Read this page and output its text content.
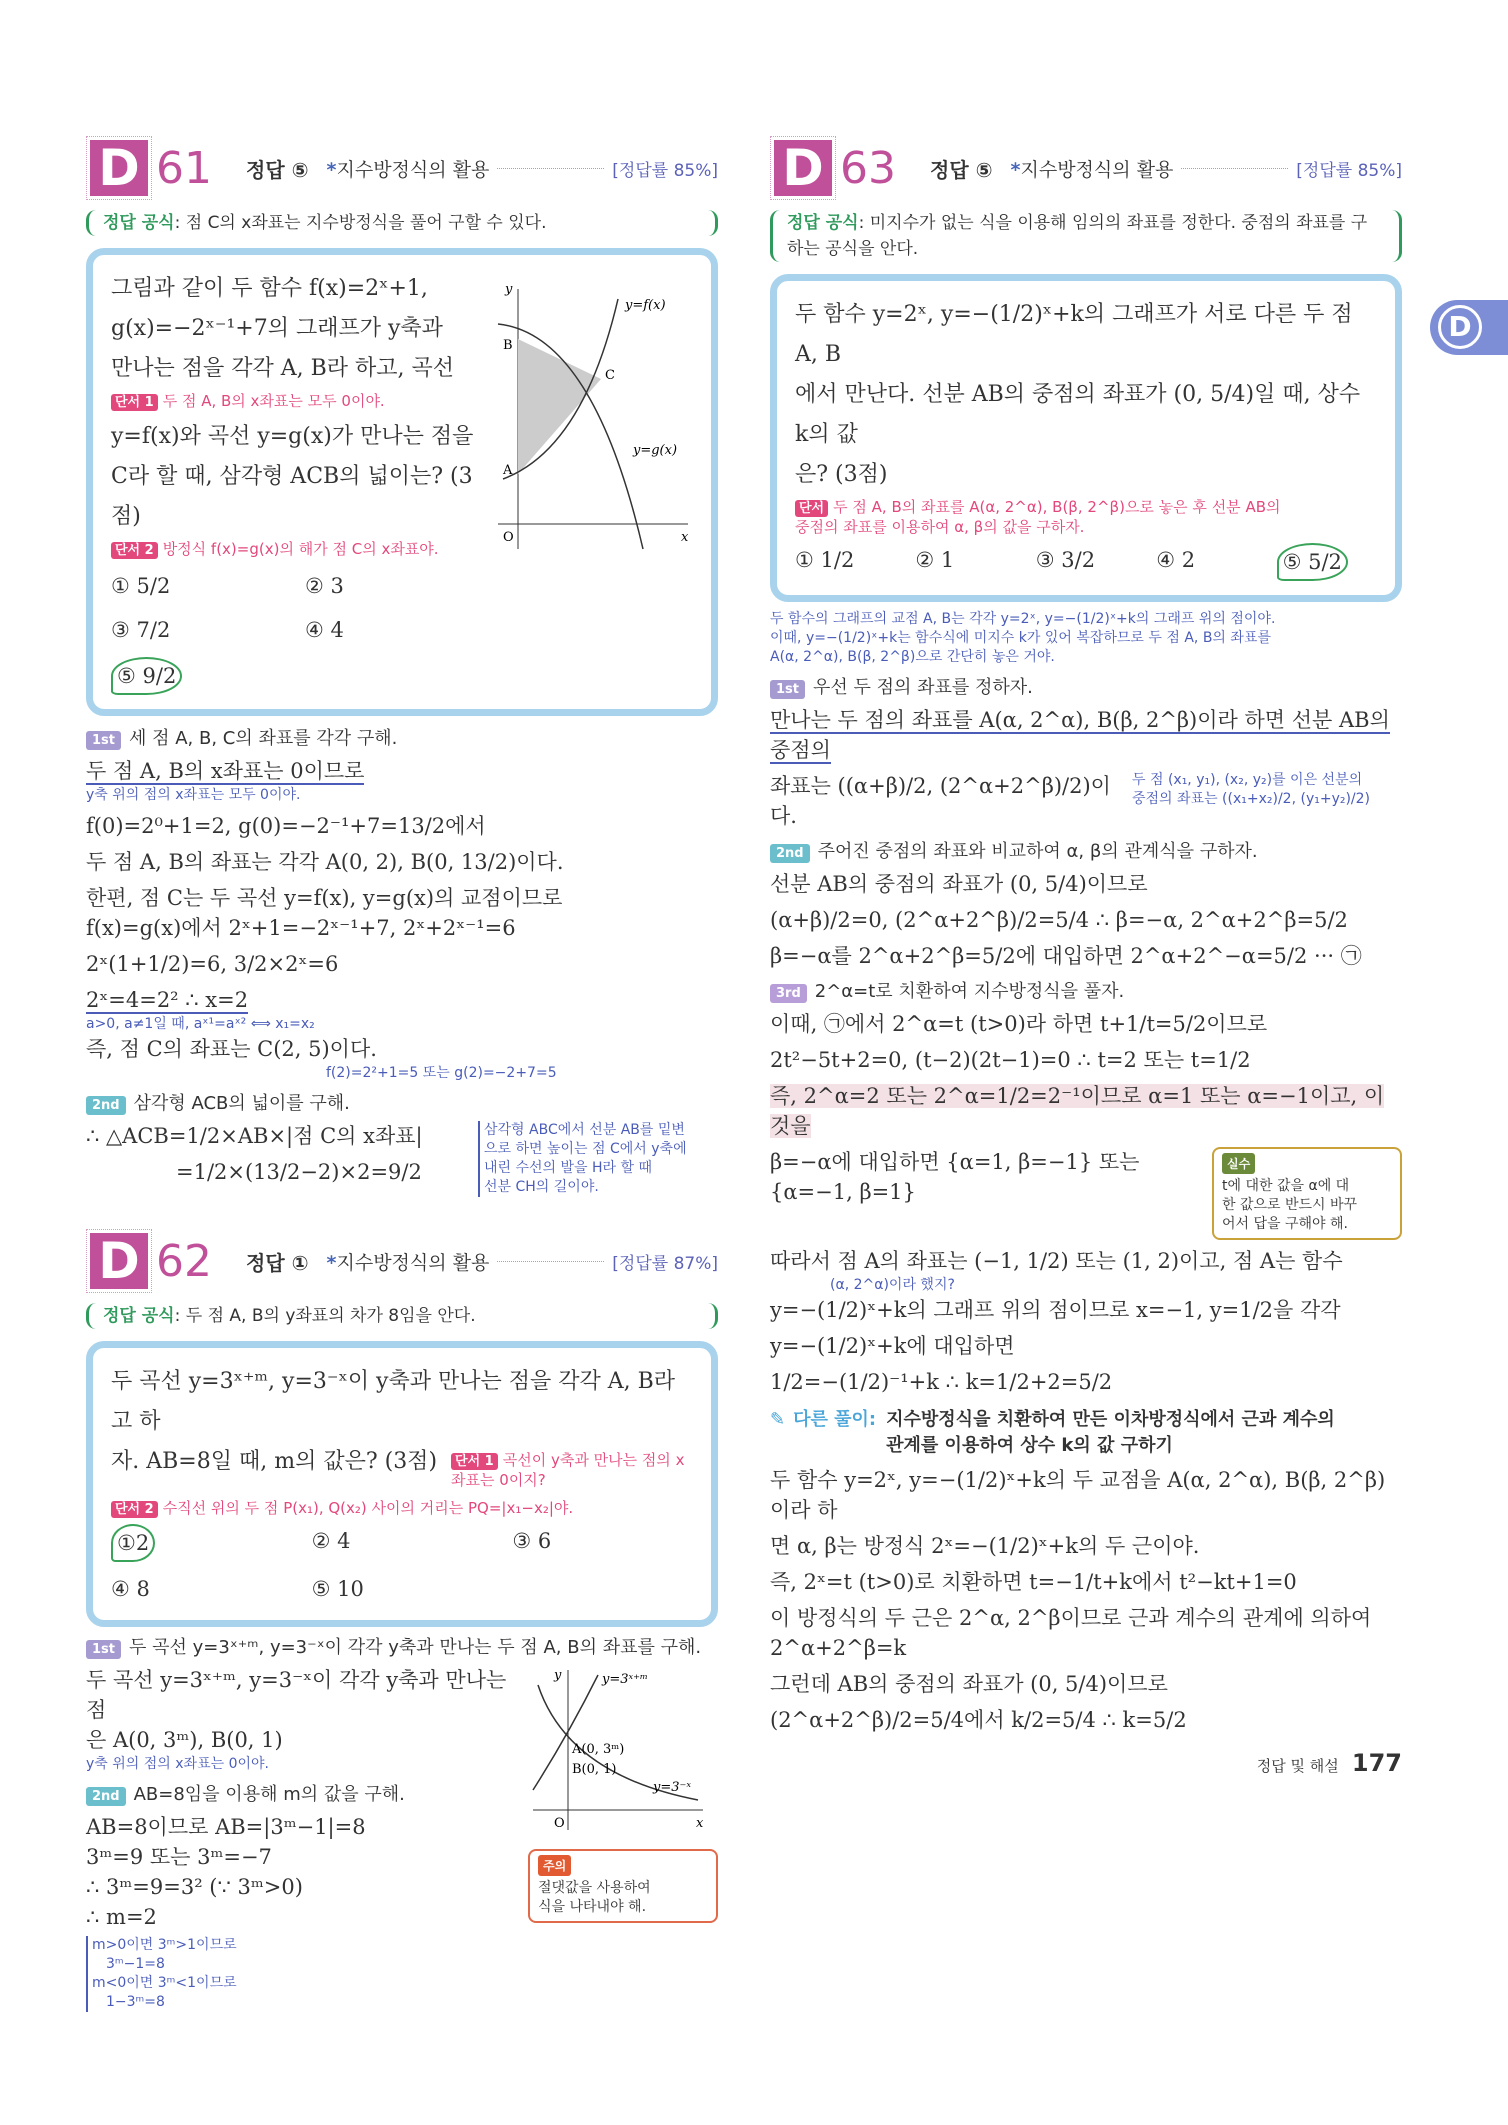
D 61	정답 ⑤ *지수방정식의 활용	[정답률 85%]
정답 공식: 점 C의 x좌표는 지수방정식을 풀어 구할 수 있다.
그림과 같이 두 함수 f(x)=2ˣ+1,
g(x)=−2ˣ⁻¹+7의 그래프가 y축과
만나는 점을 각각 A, B라 하고, 곡선
단서 1 두 점 A, B의 x좌표는 모두 0이야.
y=f(x)와 곡선 y=g(x)가 만나는 점을
C라 할 때, 삼각형 ACB의 넓이는? (3점)
단서 2 방정식 f(x)=g(x)의 해가 점 C의 x좌표야.
① 5/2	② 3
③ 7/2	④ 4
⑤ 9/2
y
x
O
A
B
C
y=f(x)
y=g(x)
1st 세 점 A, B, C의 좌표를 각각 구해.
두 점 A, B의 x좌표는 0이므로
y축 위의 점의 x좌표는 모두 0이야.
f(0)=2⁰+1=2, g(0)=−2⁻¹+7=13/2에서
두 점 A, B의 좌표는 각각 A(0, 2), B(0, 13/2)이다.
한편, 점 C는 두 곡선 y=f(x), y=g(x)의 교점이므로
f(x)=g(x)에서 2ˣ+1=−2ˣ⁻¹+7, 2ˣ+2ˣ⁻¹=6
2ˣ(1+1/2)=6, 3/2×2ˣ=6
2ˣ=4=2² ∴ x=2
a>0, a≠1일 때, aˣ¹=aˣ² ⟺ x₁=x₂
즉, 점 C의 좌표는 C(2, 5)이다.
f(2)=2²+1=5 또는 g(2)=−2+7=5
2nd 삼각형 ACB의 넓이를 구해.
∴ △ACB=1/2×AB×|점 C의 x좌표|
=1/2×(13/2−2)×2=9/2
삼각형 ABC에서 선분 AB를 밑변
으로 하면 높이는 점 C에서 y축에
내린 수선의 발을 H라 할 때
선분 CH의 길이야.
D 62	정답 ① *지수방정식의 활용	[정답률 87%]
정답 공식: 두 점 A, B의 y좌표의 차가 8임을 안다.
두 곡선 y=3ˣ⁺ᵐ, y=3⁻ˣ이 y축과 만나는 점을 각각 A, B라고 하
자. AB=8일 때, m의 값은? (3점)	단서 1 곡선이 y축과 만나는 점의 x좌표는 0이지?
단서 2 수직선 위의 두 점 P(x₁), Q(x₂) 사이의 거리는 PQ=|x₁−x₂|야.
①2	② 4	③ 6
④ 8	⑤ 10
1st 두 곡선 y=3ˣ⁺ᵐ, y=3⁻ˣ이 각각 y축과 만나는 두 점 A, B의 좌표를 구해.
두 곡선 y=3ˣ⁺ᵐ, y=3⁻ˣ이 각각 y축과 만나는 점
은 A(0, 3ᵐ), B(0, 1)
y축 위의 점의 x좌표는 0이야.
2nd AB=8임을 이용해 m의 값을 구해.
AB=8이므로 AB=|3ᵐ−1|=8
3ᵐ=9 또는 3ᵐ=−7
∴ 3ᵐ=9=3² (∵ 3ᵐ>0)
∴ m=2
m>0이면 3ᵐ>1이므로
3ᵐ−1=8
m<0이면 3ᵐ<1이므로
1−3ᵐ=8
y
x
O
y=3ˣ⁺ᵐ
y=3⁻ˣ
A(0, 3ᵐ)
B(0, 1)
주의
절댓값을 사용하여
식을 나타내야 해.
D 63	정답 ⑤ *지수방정식의 활용	[정답률 85%]
정답 공식: 미지수가 없는 식을 이용해 임의의 좌표를 정한다. 중점의 좌표를 구
하는 공식을 안다.
두 함수 y=2ˣ, y=−(1/2)ˣ+k의 그래프가 서로 다른 두 점 A, B
에서 만난다. 선분 AB의 중점의 좌표가 (0, 5/4)일 때, 상수 k의 값
은? (3점)
단서 두 점 A, B의 좌표를 A(α, 2^α), B(β, 2^β)으로 놓은 후 선분 AB의
중점의 좌표를 이용하여 α, β의 값을 구하자.
① 1/2	② 1	③ 3/2	④ 2	⑤ 5/2
두 함수의 그래프의 교점 A, B는 각각 y=2ˣ, y=−(1/2)ˣ+k의 그래프 위의 점이야.
이때, y=−(1/2)ˣ+k는 함수식에 미지수 k가 있어 복잡하므로 두 점 A, B의 좌표를
A(α, 2^α), B(β, 2^β)으로 간단히 놓은 거야.
1st 우선 두 점의 좌표를 정하자.
만나는 두 점의 좌표를 A(α, 2^α), B(β, 2^β)이라 하면 선분 AB의 중점의
좌표는 ((α+β)/2, (2^α+2^β)/2)이다.
두 점 (x₁, y₁), (x₂, y₂)를 이은 선분의
중점의 좌표는 ((x₁+x₂)/2, (y₁+y₂)/2)
2nd 주어진 중점의 좌표와 비교하여 α, β의 관계식을 구하자.
선분 AB의 중점의 좌표가 (0, 5/4)이므로
(α+β)/2=0, (2^α+2^β)/2=5/4 ∴ β=−α, 2^α+2^β=5/2
β=−α를 2^α+2^β=5/2에 대입하면 2^α+2^−α=5/2 ··· ㉠
3rd 2^α=t로 치환하여 지수방정식을 풀자.
이때, ㉠에서 2^α=t (t>0)라 하면 t+1/t=5/2이므로
2t²−5t+2=0, (t−2)(2t−1)=0 ∴ t=2 또는 t=1/2
즉, 2^α=2 또는 2^α=1/2=2⁻¹이므로 α=1 또는 α=−1이고, 이것을
β=−α에 대입하면 {α=1, β=−1} 또는 {α=−1, β=1}
실수
t에 대한 값을 α에 대
한 값으로 반드시 바꾸
어서 답을 구해야 해.
따라서 점 A의 좌표는 (−1, 1/2) 또는 (1, 2)이고, 점 A는 함수
(α, 2^α)이라 했지?
y=−(1/2)ˣ+k의 그래프 위의 점이므로 x=−1, y=1/2을 각각
y=−(1/2)ˣ+k에 대입하면
1/2=−(1/2)⁻¹+k ∴ k=1/2+2=5/2
✎ 다른 풀이: 지수방정식을 치환하여 만든 이차방정식에서 근과 계수의
관계를 이용하여 상수 k의 값 구하기
두 함수 y=2ˣ, y=−(1/2)ˣ+k의 두 교점을 A(α, 2^α), B(β, 2^β)이라 하
면 α, β는 방정식 2ˣ=−(1/2)ˣ+k의 두 근이야.
즉, 2ˣ=t (t>0)로 치환하면 t=−1/t+k에서 t²−kt+1=0
이 방정식의 두 근은 2^α, 2^β이므로 근과 계수의 관계에 의하여
2^α+2^β=k
그런데 AB의 중점의 좌표가 (0, 5/4)이므로
(2^α+2^β)/2=5/4에서 k/2=5/4 ∴ k=5/2
정답 및 해설 177
D
